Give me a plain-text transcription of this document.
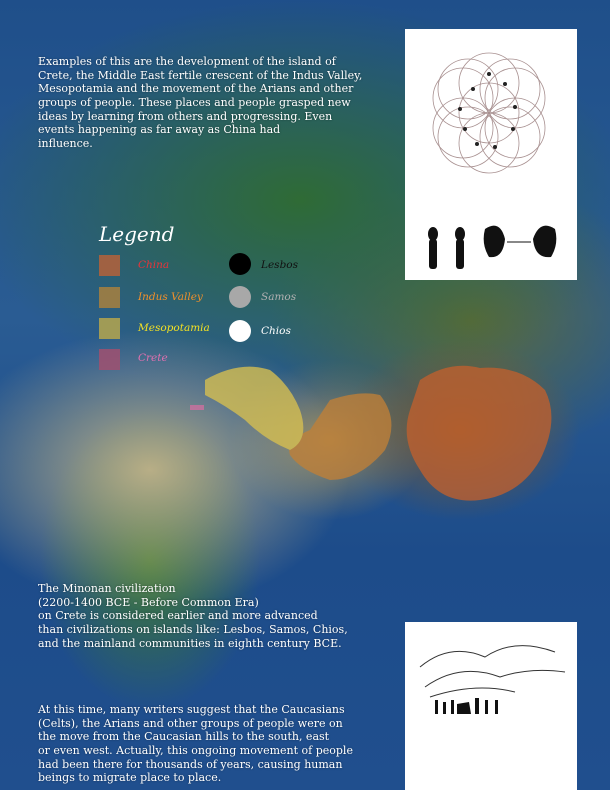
Examples of this are the development of the island of
Crete, the Middle East fertile crescent of the Indus Valley,
Mesopotamia and the movement of the Arians and other
groups of people. These places and people grasped new
ideas by learning from others and progressing. Even
events happening as far away as China had
influence.

Legend
China
Indus Valley
Mesopotamia
Crete
Lesbos
Samos
Chios

The Minonan civilization
(2200-1400 BCE - Before Common Era)
on Crete is considered earlier and more advanced
than civilizations on islands like: Lesbos, Samos, Chios,
and the mainland communities in eighth century BCE.

At this time, many writers suggest that the Caucasians
(Celts), the Arians and other groups of people were on
the move from the Caucasian hills to the south, east
or even west. Actually, this ongoing movement of people
had been there for thousands of years, causing human
beings to migrate place to place.
